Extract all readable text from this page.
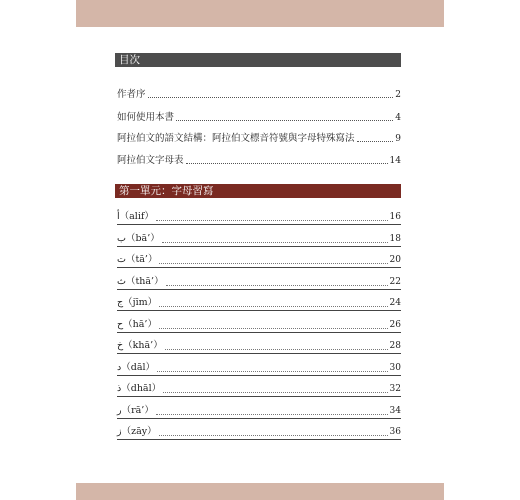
目次
作者序	2
如何使用本書	4
阿拉伯文的語文結構：阿拉伯文標音符號與字母特殊寫法	9
阿拉伯文字母表	14
第一單元：字母習寫
أ（alif）	16
ب（bā’）	18
ت（tā’）	20
ث（thā’）	22
ج（jīm）	24
ح（hā’）	26
خ（khā’）	28
د（dāl）	30
ذ（dhāl）	32
ر（rā’）	34
ز（zāy）	36
